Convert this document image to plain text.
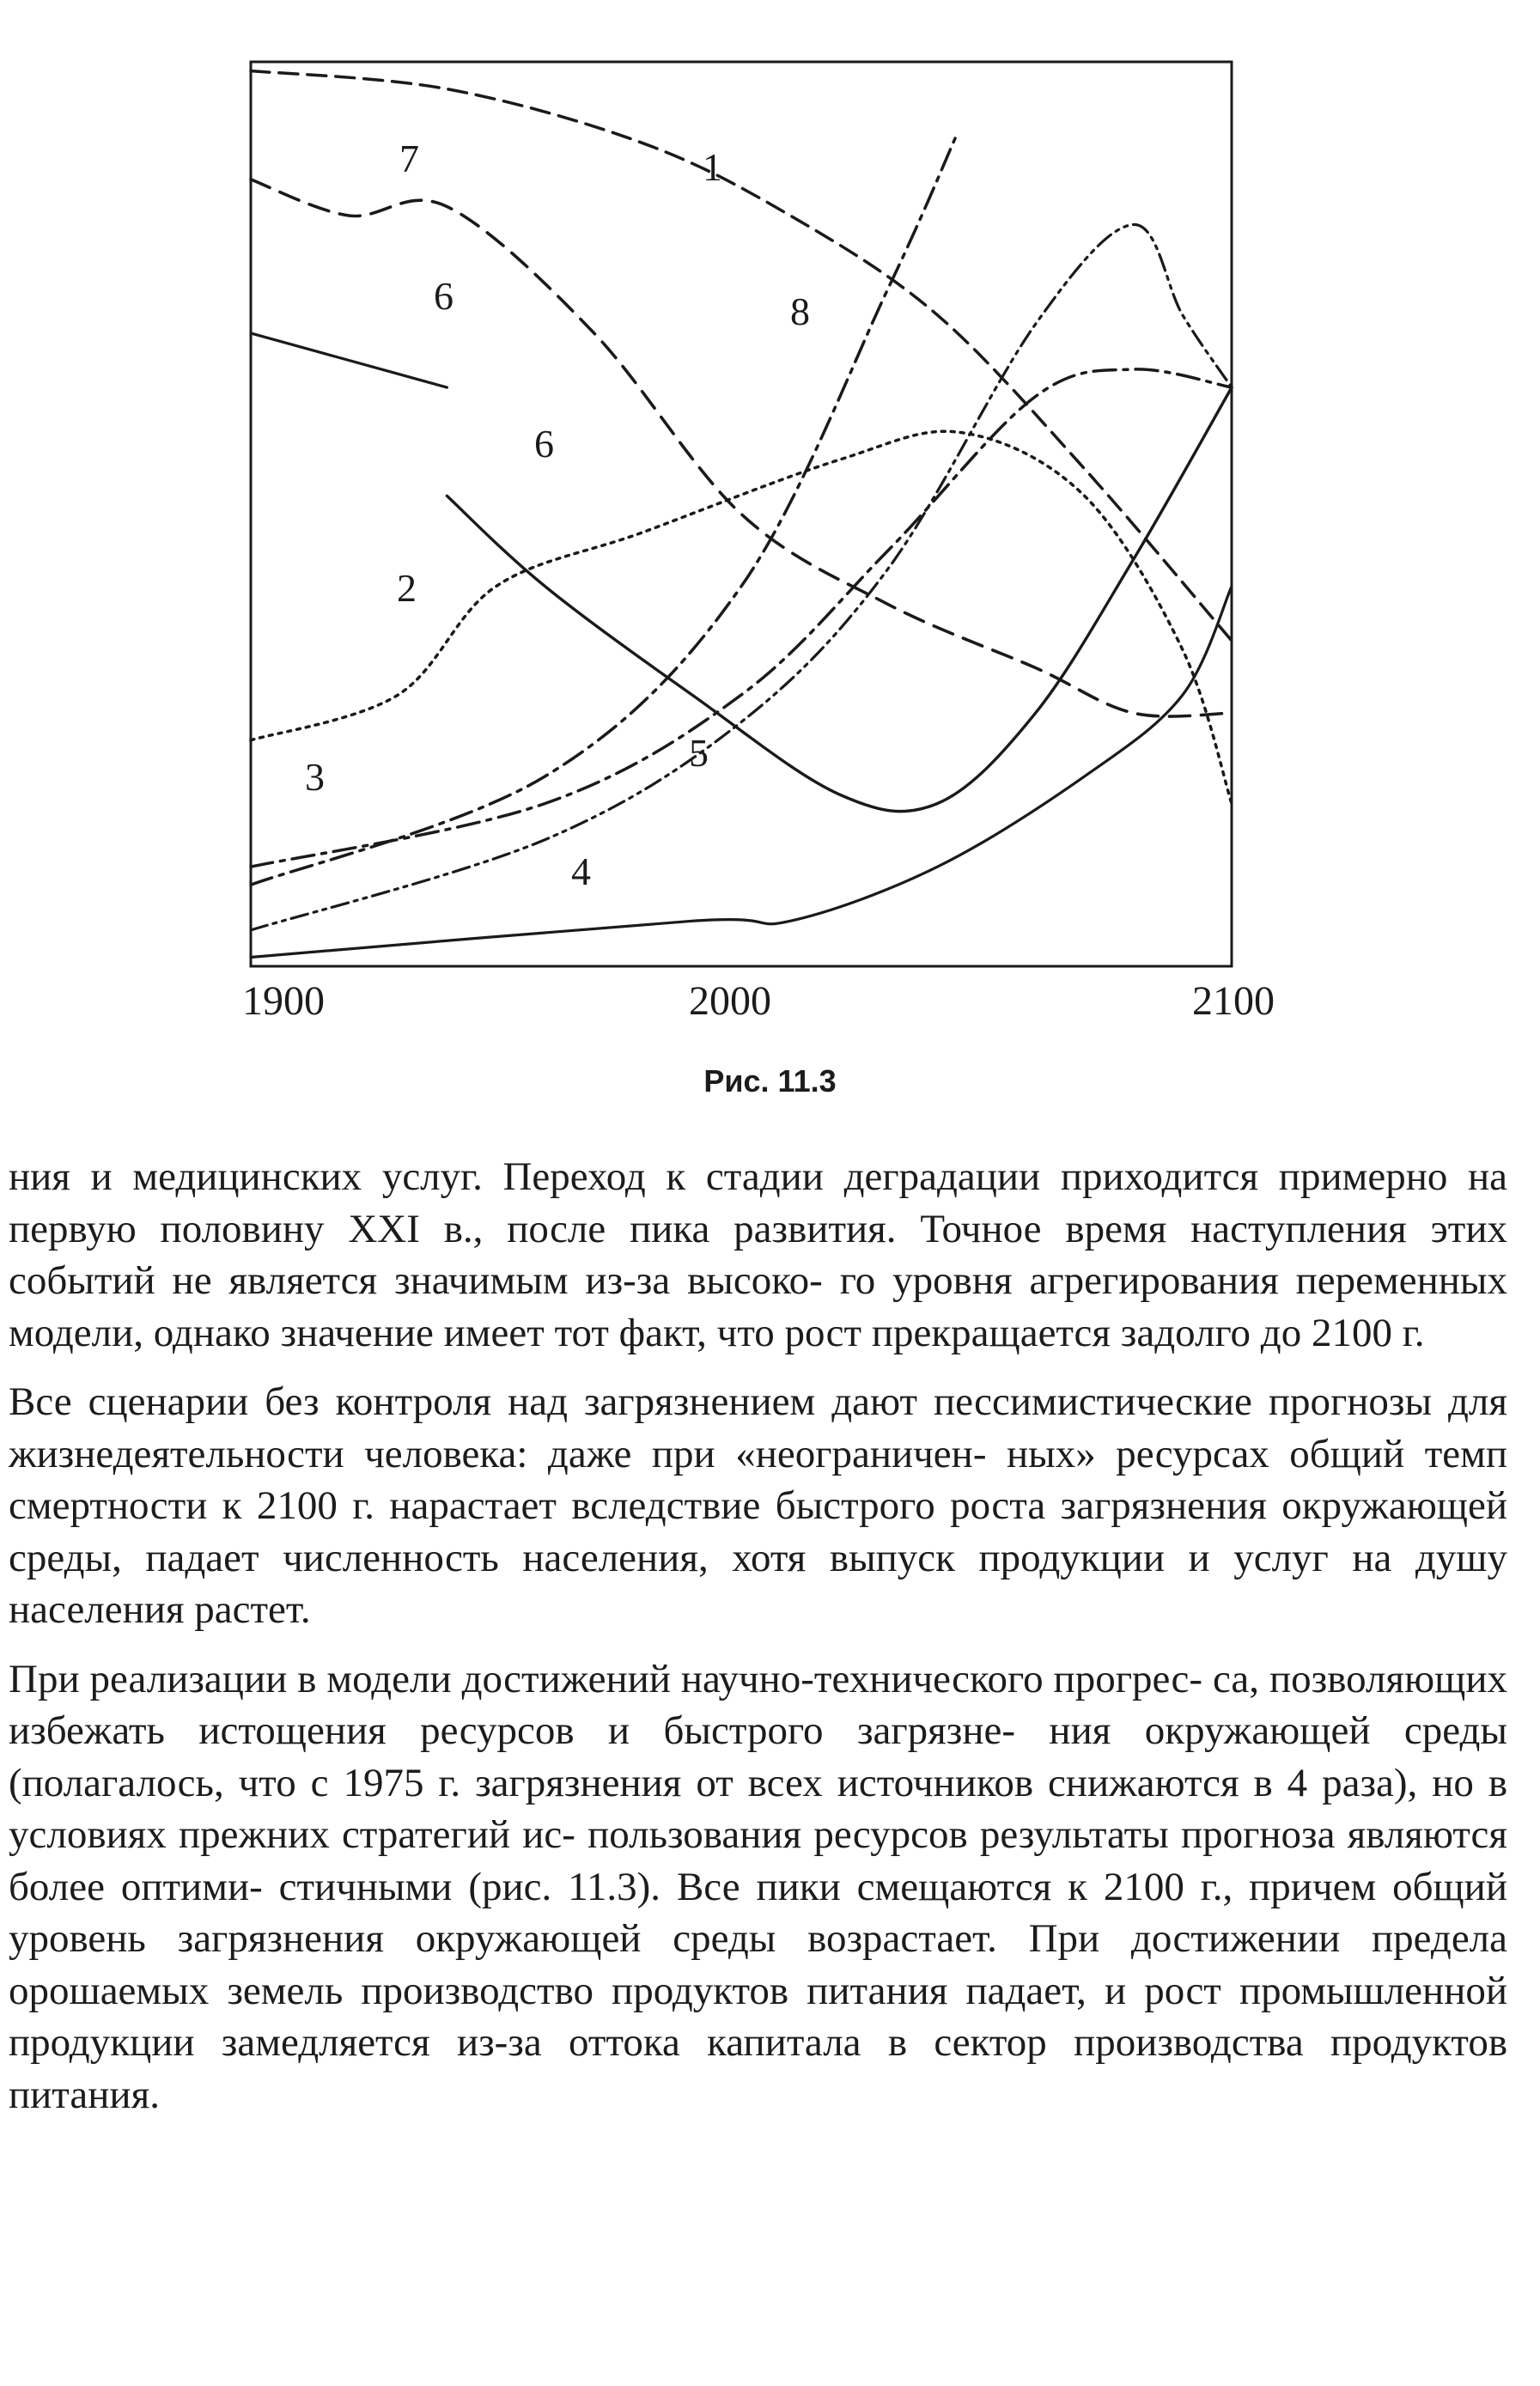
1
2
3
4
5
6
6
7
8
1900	2000	2100
Рис. 11.3

ния и медицинских услуг. Переход к стадии деградации приходится примерно на первую половину XXI в., после пика развития. Точное время наступления этих событий не является значимым из-за высоко- го уровня агрегирования переменных модели, однако значение имеет тот факт, что рост прекращается задолго до 2100 г.

Все сценарии без контроля над загрязнением дают пессимистические прогнозы для жизнедеятельности человека: даже при «неограничен- ных» ресурсах общий темп смертности к 2100 г. нарастает вследствие быстрого роста загрязнения окружающей среды, падает численность населения, хотя выпуск продукции и услуг на душу населения растет.

При реализации в модели достижений научно-технического прогрес- са, позволяющих избежать истощения ресурсов и быстрого загрязне- ния окружающей среды (полагалось, что с 1975 г. загрязнения от всех источников снижаются в 4 раза), но в условиях прежних стратегий ис- пользования ресурсов результаты прогноза являются более оптими- стичными (рис. 11.3). Все пики смещаются к 2100 г., причем общий уровень загрязнения окружающей среды возрастает. При достижении предела орошаемых земель производство продуктов питания падает, и рост промышленной продукции замедляется из-за оттока капитала в сектор производства продуктов питания.
